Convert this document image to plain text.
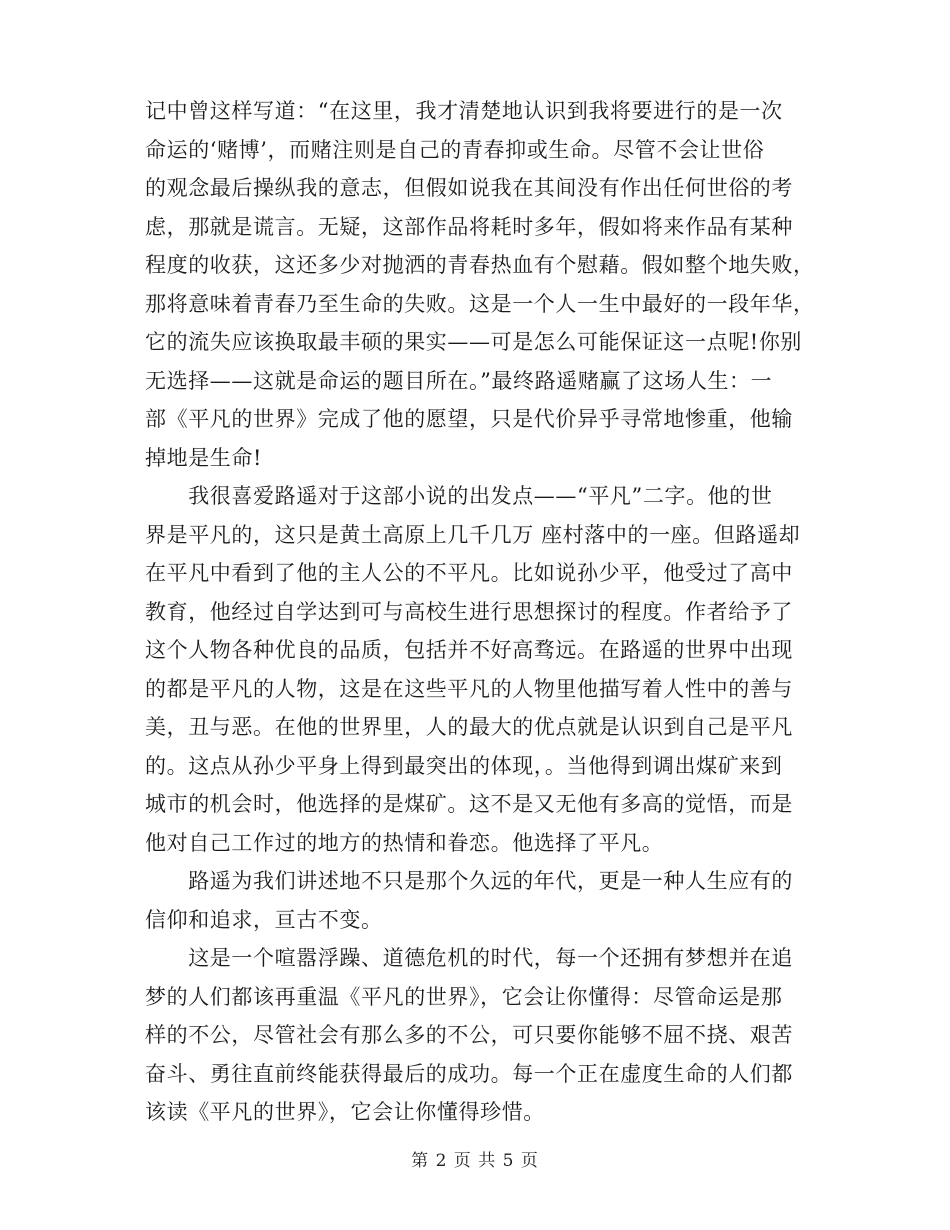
记中曾这样写道：“在这里，我才清楚地认识到我将要进行的是一次
命运的‘赌博’，而赌注则是自己的青春抑或生命。尽管不会让世俗
的观念最后操纵我的意志，但假如说我在其间没有作出任何世俗的考
虑，那就是谎言。无疑，这部作品将耗时多年，假如将来作品有某种
程度的收获，这还多少对抛洒的青春热血有个慰藉。假如整个地失败，
那将意味着青春乃至生命的失败。这是一个人一生中最好的一段年华，
它的流失应该换取最丰硕的果实——可是怎么可能保证这一点呢!你别
无选择——这就是命运的题目所在。”最终路遥赌赢了这场人生：一
部《平凡的世界》完成了他的愿望，只是代价异乎寻常地惨重，他输
掉地是生命!
　　我很喜爱路遥对于这部小说的出发点——“平凡”二字。他的世
界是平凡的，这只是黄土高原上几千几万 座村落中的一座。但路遥却
在平凡中看到了他的主人公的不平凡。比如说孙少平，他受过了高中
教育，他经过自学达到可与高校生进行思想探讨的程度。作者给予了
这个人物各种优良的品质，包括并不好高骛远。在路遥的世界中出现
的都是平凡的人物，这是在这些平凡的人物里他描写着人性中的善与
美，丑与恶。在他的世界里，人的最大的优点就是认识到自己是平凡
的。这点从孙少平身上得到最突出的体现，。当他得到调出煤矿来到
城市的机会时，他选择的是煤矿。这不是又无他有多高的觉悟，而是
他对自己工作过的地方的热情和眷恋。他选择了平凡。
　　路遥为我们讲述地不只是那个久远的年代，更是一种人生应有的
信仰和追求，亘古不变。
　　这是一个喧嚣浮躁、道德危机的时代，每一个还拥有梦想并在追
梦的人们都该再重温《平凡的世界》，它会让你懂得：尽管命运是那
样的不公，尽管社会有那么多的不公，可只要你能够不屈不挠、艰苦
奋斗、勇往直前终能获得最后的成功。每一个正在虚度生命的人们都
该读《平凡的世界》，它会让你懂得珍惜。
第 2 页 共 5 页
